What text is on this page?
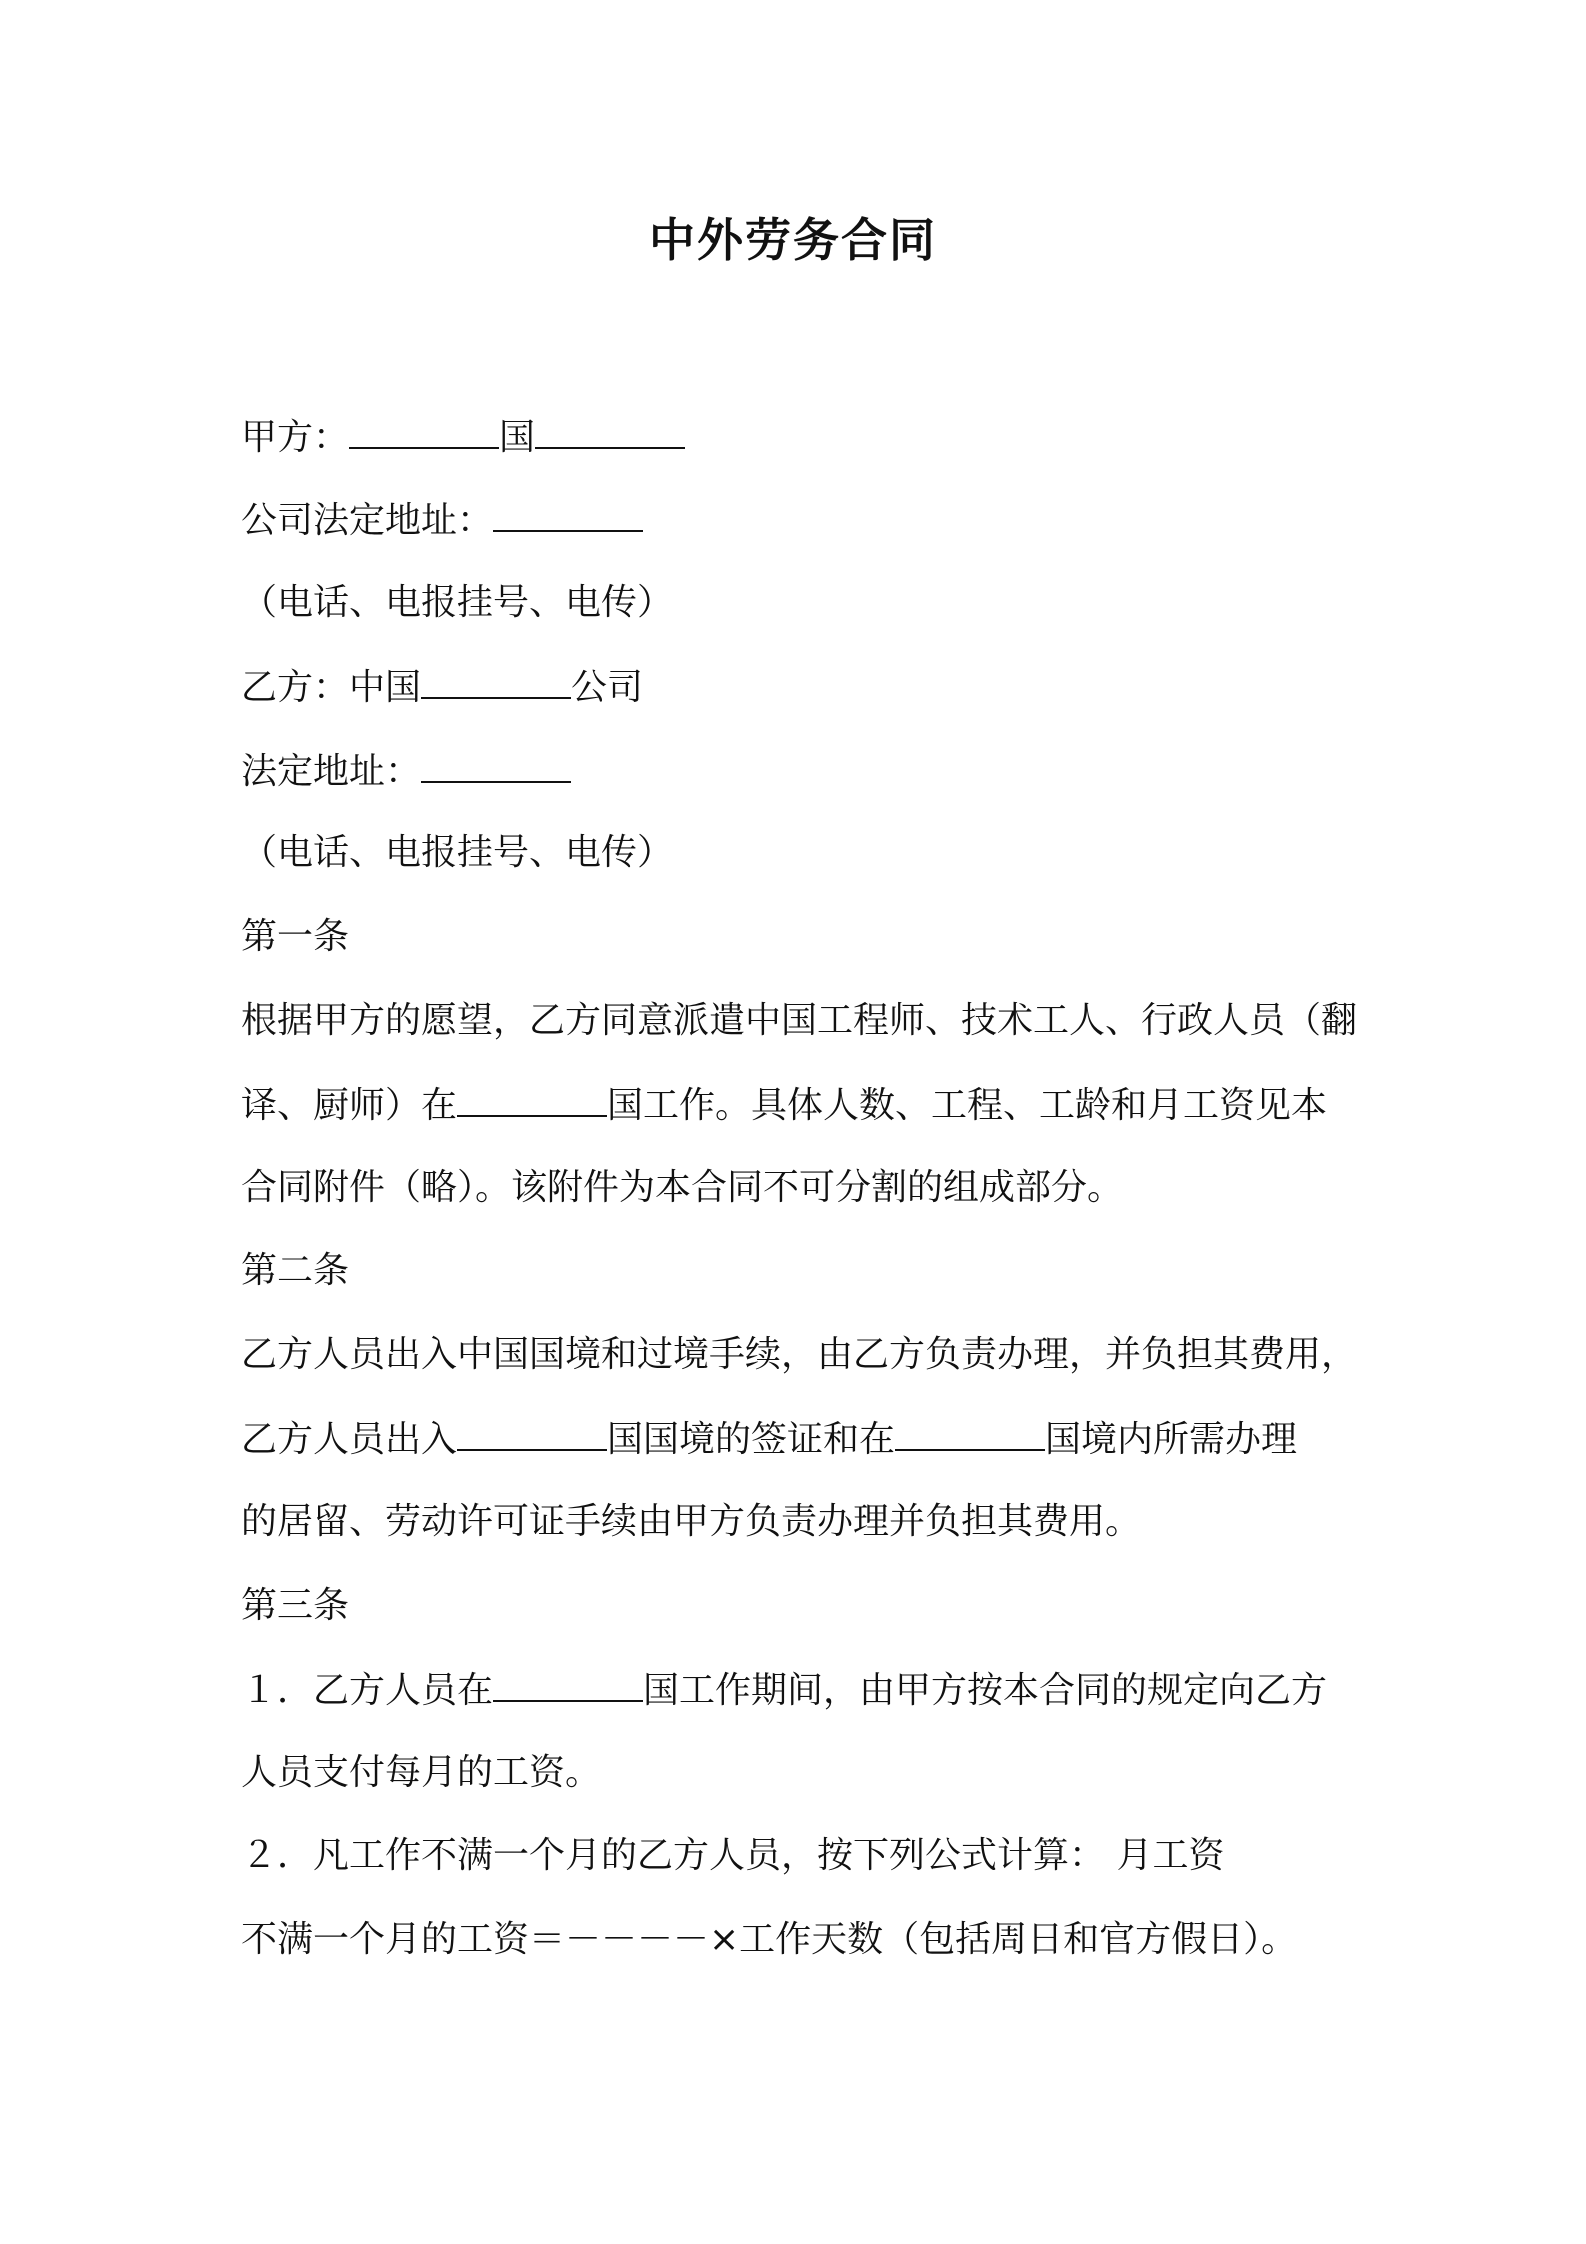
中外劳务合同
甲方：	国
公司法定地址：
（电话、电报挂号、电传）
乙方：中国	公司
法定地址：
（电话、电报挂号、电传）
第一条
根据甲方的愿望，乙方同意派遣中国工程师、技术工人、行政人员（翻
译、厨师）在	国工作。具体人数、工程、工龄和月工资见本
合同附件（略）。该附件为本合同不可分割的组成部分。
第二条
乙方人员出入中国国境和过境手续，由乙方负责办理，并负担其费用，
乙方人员出入	国国境的签证和在	国境内所需办理
的居留、劳动许可证手续由甲方负责办理并负担其费用。
第三条
１．乙方人员在	国工作期间，由甲方按本合同的规定向乙方
人员支付每月的工资。
２．凡工作不满一个月的乙方人员，按下列公式计算： 月工资
不满一个月的工资＝－－－－×工作天数（包括周日和官方假日）。
